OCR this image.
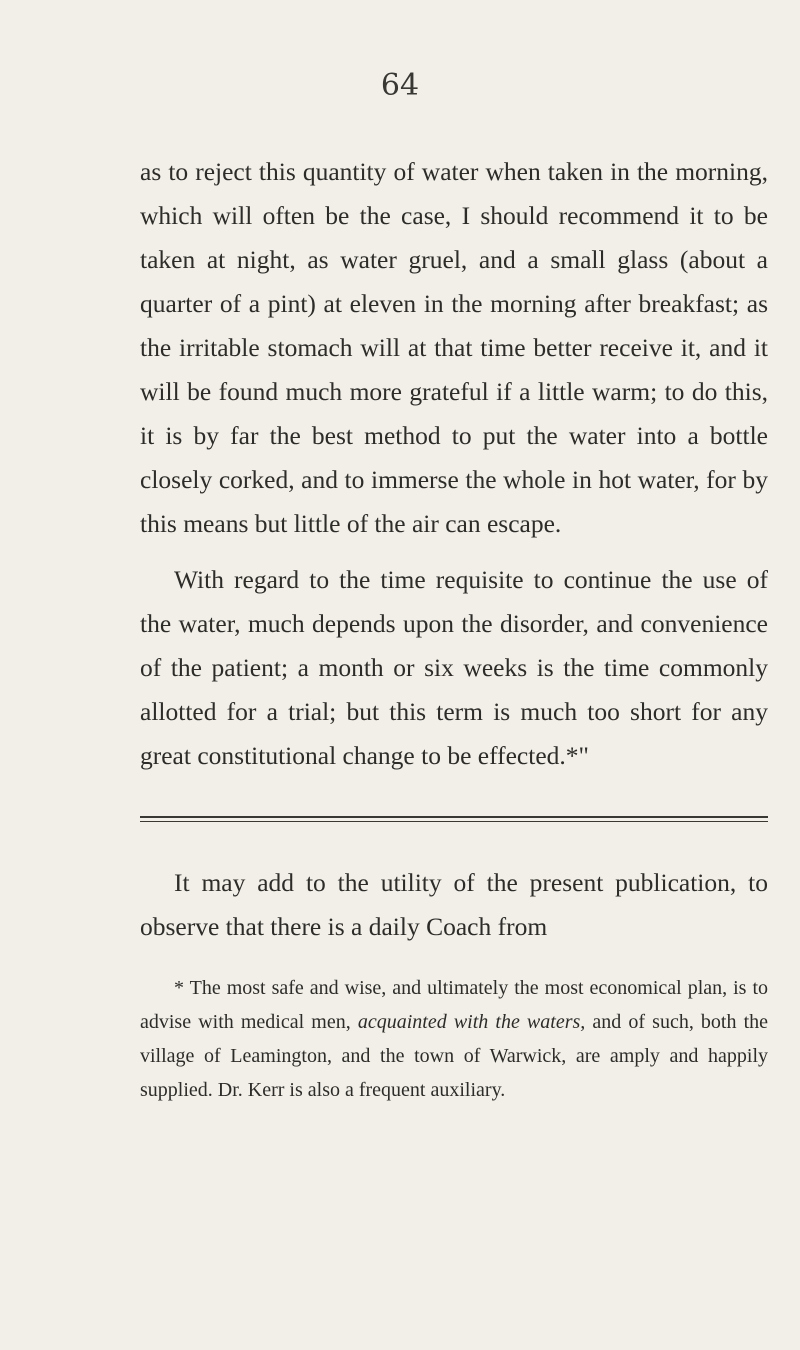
64

as to reject this quantity of water when taken in the morning, which will often be the case, I should recommend it to be taken at night, as water gruel, and a small glass (about a quarter of a pint) at eleven in the morning after breakfast; as the irritable stomach will at that time better receive it, and it will be found much more grateful if a little warm; to do this, it is by far the best method to put the water into a bottle closely corked, and to immerse the whole in hot water, for by this means but little of the air can escape.

With regard to the time requisite to continue the use of the water, much depends upon the disorder, and convenience of the patient; a month or six weeks is the time commonly allotted for a trial; but this term is much too short for any great constitutional change to be effected.*"

It may add to the utility of the present publication, to observe that there is a daily Coach from

* The most safe and wise, and ultimately the most economical plan, is to advise with medical men, acquainted with the waters, and of such, both the village of Leamington, and the town of Warwick, are amply and happily supplied. Dr. Kerr is also a frequent auxiliary.
